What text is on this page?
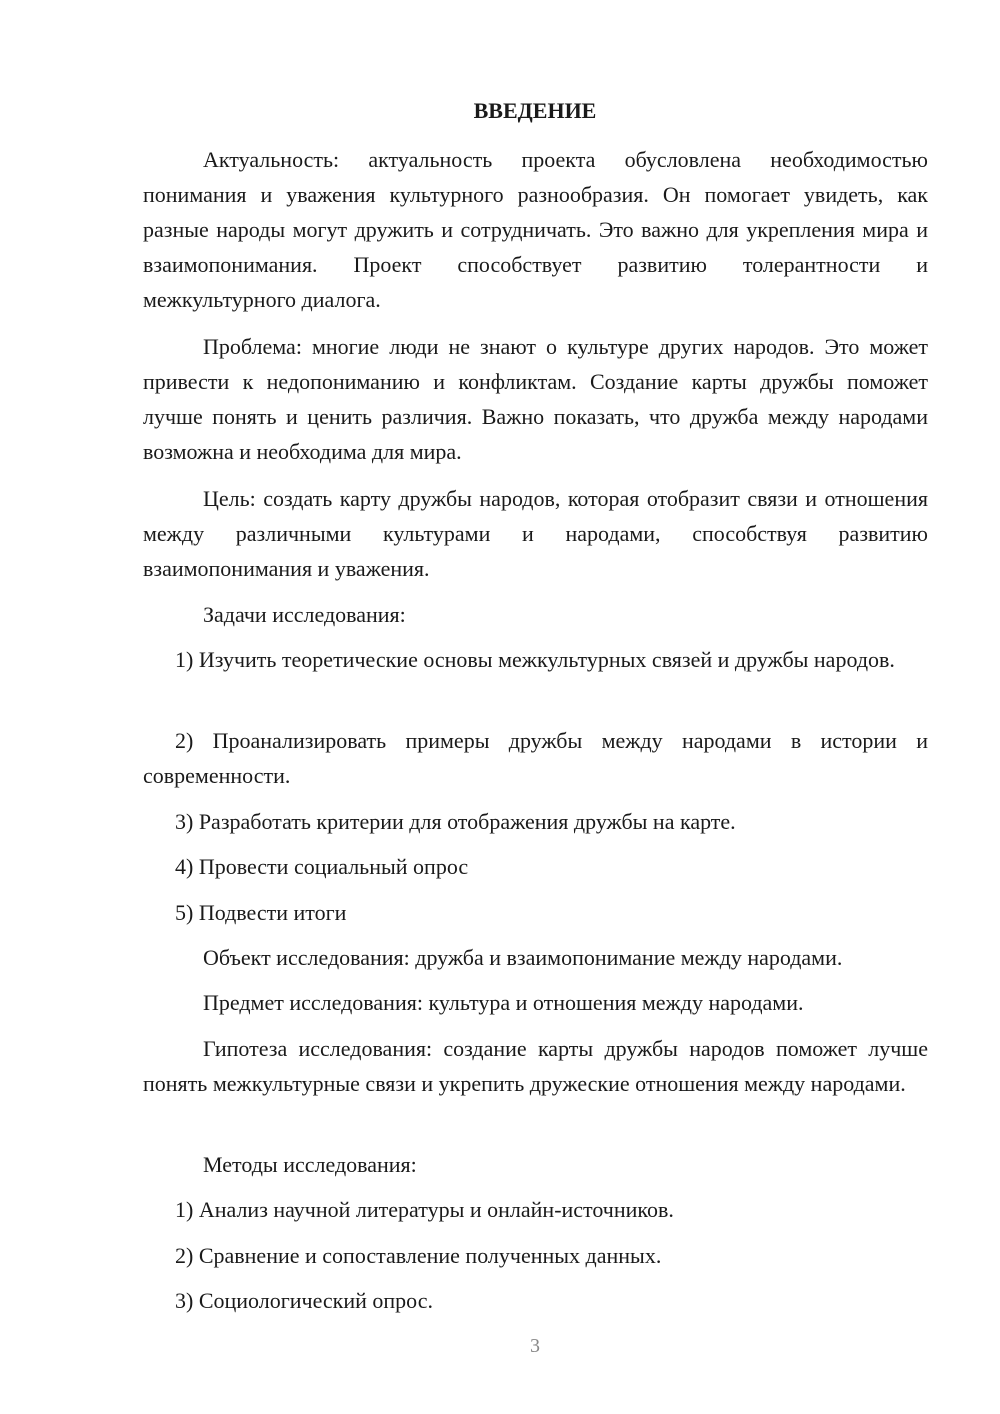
ВВЕДЕНИЕ

Актуальность: актуальность проекта обусловлена необходимостью понимания и уважения культурного разнообразия. Он помогает увидеть, как разные народы могут дружить и сотрудничать. Это важно для укрепления мира и взаимопонимания. Проект способствует развитию толерантности и межкультурного диалога.

Проблема: многие люди не знают о культуре других народов. Это может привести к недопониманию и конфликтам. Создание карты дружбы поможет лучше понять и ценить различия. Важно показать, что дружба между народами возможна и необходима для мира.

Цель: создать карту дружбы народов, которая отобразит связи и отношения между различными культурами и народами, способствуя развитию взаимопонимания и уважения.

Задачи исследования:

1) Изучить теоретические основы межкультурных связей и дружбы народов.

2) Проанализировать примеры дружбы между народами в истории и современности.

3) Разработать критерии для отображения дружбы на карте.

4) Провести социальный опрос

5) Подвести итоги

Объект исследования: дружба и взаимопонимание между народами.

Предмет исследования: культура и отношения между народами.

Гипотеза исследования: создание карты дружбы народов поможет лучше понять межкультурные связи и укрепить дружеские отношения между народами.

Методы исследования:

1) Анализ научной литературы и онлайн-источников.

2) Сравнение и сопоставление полученных данных.

3) Социологический опрос.

3
